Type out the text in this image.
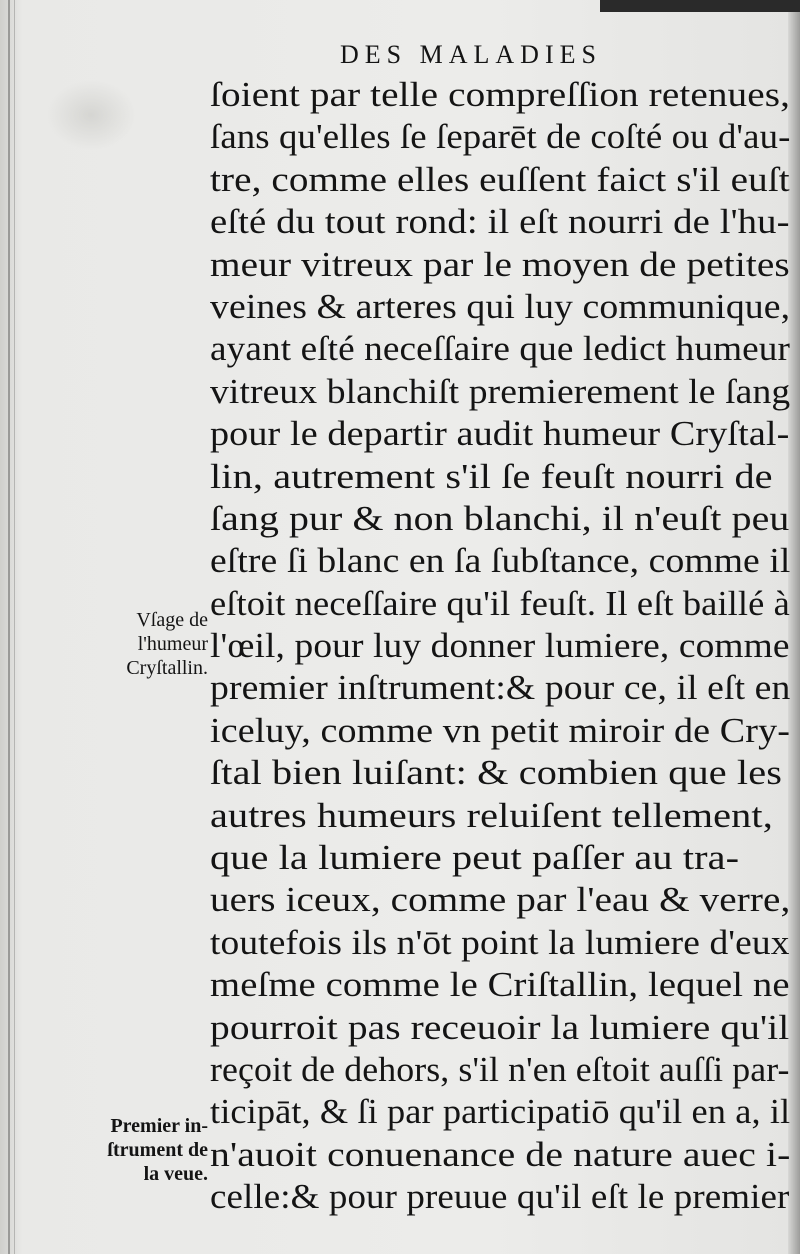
DES MALADIES
ſoient par telle compreſſion retenues,
ſans qu'elles ſe ſeparēt de coſté ou d'au-
tre, comme elles euſſent faict s'il euſt
eſté du tout rond: il eſt nourri de l'hu-
meur vitreux par le moyen de petites
veines & arteres qui luy communique,
ayant eſté neceſſaire que ledict humeur
vitreux blanchiſt premierement le ſang
pour le departir audit humeur Cryſtal-
lin, autrement s'il ſe feuſt nourri de
ſang pur & non blanchi, il n'euſt peu
eſtre ſi blanc en ſa ſubſtance, comme il
eſtoit neceſſaire qu'il feuſt. Il eſt baillé à
l'œil, pour luy donner lumiere, comme
premier inſtrument:& pour ce, il eſt en
iceluy, comme vn petit miroir de Cry-
ſtal bien luiſant: & combien que les
autres humeurs reluiſent tellement,
que la lumiere peut paſſer au tra-
uers iceux, comme par l'eau & verre,
toutefois ils n'ōt point la lumiere d'eux
meſme comme le Criſtallin, lequel ne
pourroit pas receuoir la lumiere qu'il
reçoit de dehors, s'il n'en eſtoit auſſi par-
ticipāt, & ſi par participatiō qu'il en a, il
n'auoit conuenance de nature auec i-
celle:& pour preuue qu'il eſt le premier
Vſage de
l'humeur
Cryſtallin.
Premier in-
ſtrument de
la veue.
